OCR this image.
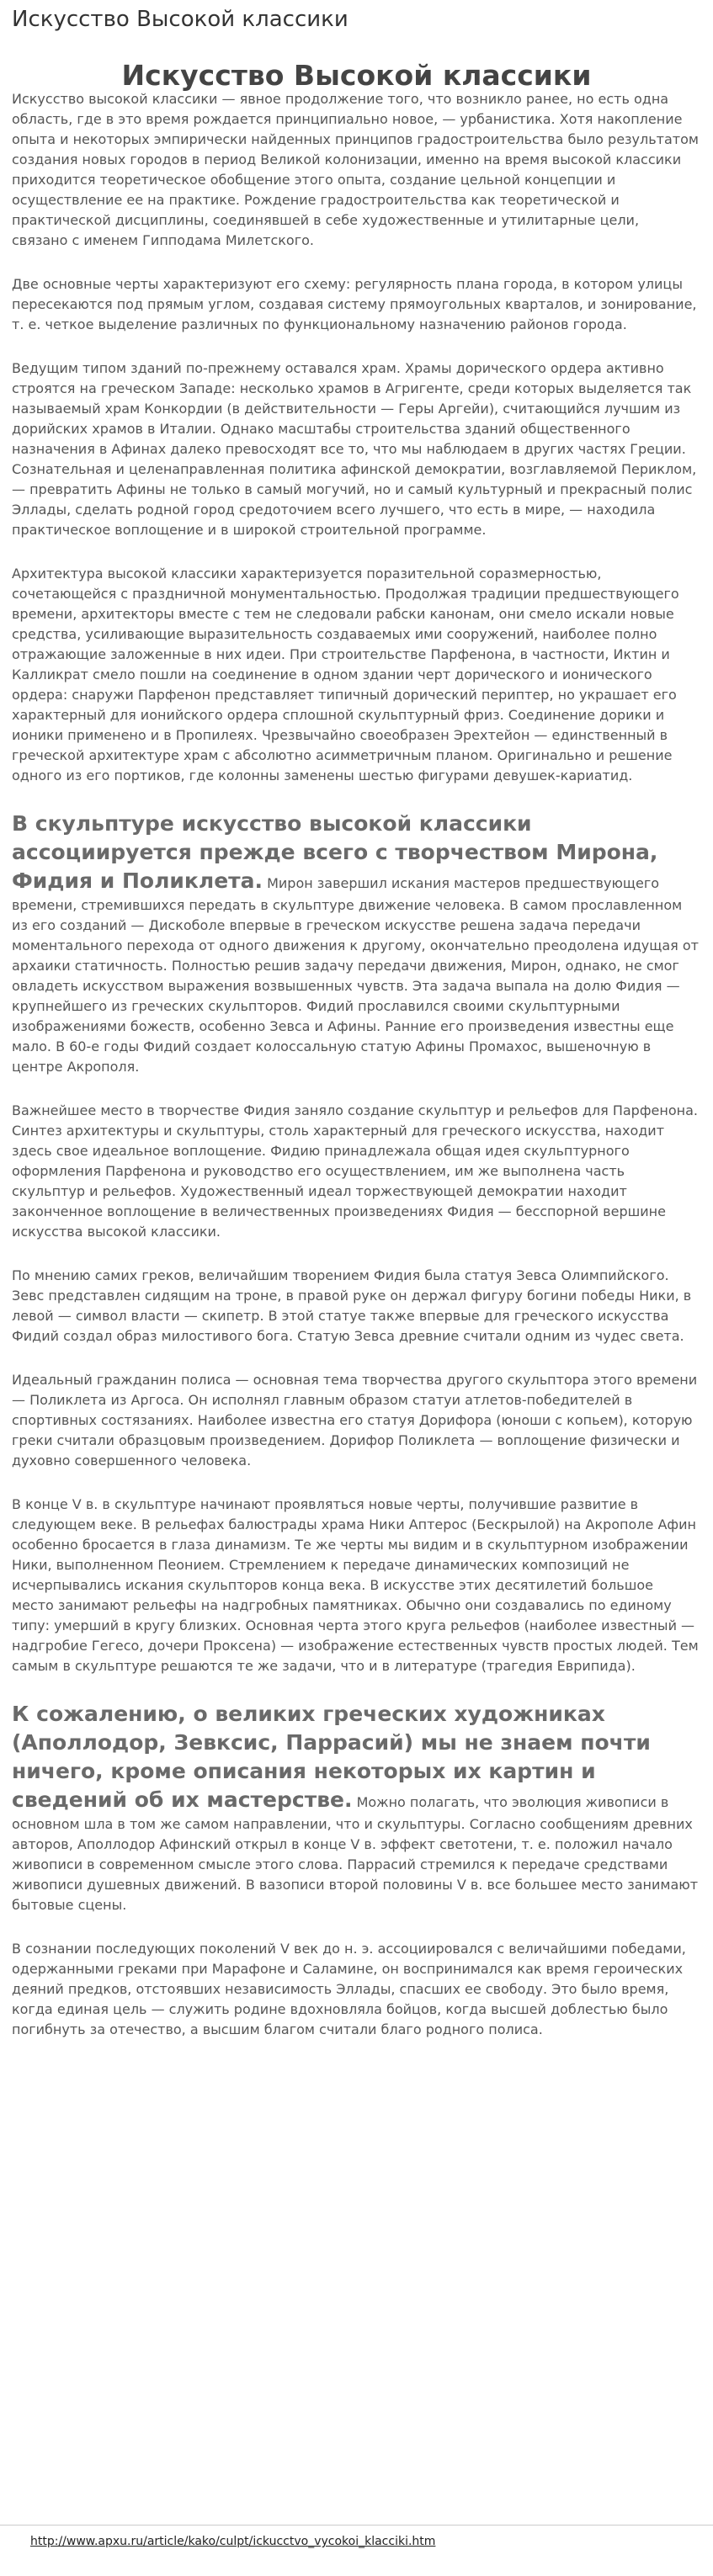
Искусство Высокой классики
Искусство Высокой классики

Искусство высокой классики — явное продолжение того, что возникло ранее, но есть одна область, где в это время рождается принципиально новое, — урбанистика. Хотя накопление опыта и некоторых эмпирически найденных принципов градостроительства было результатом создания новых городов в период Великой колонизации, именно на время высокой классики приходится теоретическое обобщение этого опыта, создание цельной концепции и осуществление ее на практике. Рождение градостроительства как теоретической и практической дисциплины, соединявшей в себе художественные и утилитарные цели, связано с именем Гипподама Милетского.

Две основные черты характеризуют его схему: регулярность плана города, в котором улицы пересекаются под прямым углом, создавая систему прямоугольных кварталов, и зонирование, т. е. четкое выделение различных по функциональному назначению районов города.

Ведущим типом зданий по-прежнему оставался храм. Храмы дорического ордера активно строятся на греческом Западе: несколько храмов в Агригенте, среди которых выделяется так называемый храм Конкордии (в действительности — Геры Аргейи), считающийся лучшим из дорийских храмов в Италии. Однако масштабы строительства зданий общественного назначения в Афинах далеко превосходят все то, что мы наблюдаем в других частях Греции. Сознательная и целенаправленная политика афинской демократии, возглавляемой Периклом, — превратить Афины не только в самый могучий, но и самый культурный и прекрасный полис Эллады, сделать родной город средоточием всего лучшего, что есть в мире, — находила практическое воплощение и в широкой строительной программе.

Архитектура высокой классики характеризуется поразительной соразмерностью, сочетающейся с праздничной монументальностью. Продолжая традиции предшествующего времени, архитекторы вместе с тем не следовали рабски канонам, они смело искали новые средства, усиливающие выразительность создаваемых ими сооружений, наиболее полно отражающие заложенные в них идеи. При строительстве Парфенона, в частности, Иктин и Калликрат смело пошли на соединение в одном здании черт дорического и ионического ордера: снаружи Парфенон представляет типичный дорический периптер, но украшает его характерный для ионийского ордера сплошной скульптурный фриз. Соединение дорики и ионики применено и в Пропилеях. Чрезвычайно своеобразен Эрехтейон — единственный в греческой архитектуре храм с абсолютно асимметричным планом. Оригинально и решение одного из его портиков, где колонны заменены шестью фигурами девушек-кариатид.

В скульптуре искусство высокой классики ассоциируется прежде всего с творчеством Мирона, Фидия и Поликлета. Мирон завершил искания мастеров предшествующего времени, стремившихся передать в скульптуре движение человека. В самом прославленном из его созданий — Дискоболе впервые в греческом искусстве решена задача передачи моментального перехода от одного движения к другому, окончательно преодолена идущая от архаики статичность. Полностью решив задачу передачи движения, Мирон, однако, не смог овладеть искусством выражения возвышенных чувств. Эта задача выпала на долю Фидия — крупнейшего из греческих скульпторов. Фидий прославился своими скульптурными изображениями божеств, особенно Зевса и Афины. Ранние его произведения известны еще мало. В 60-е годы Фидий создает колоссальную статую Афины Промахос, вышеночную в центре Акрополя.

Важнейшее место в творчестве Фидия заняло создание скульптур и рельефов для Парфенона. Синтез архитектуры и скульптуры, столь характерный для греческого искусства, находит здесь свое идеальное воплощение. Фидию принадлежала общая идея скульптурного оформления Парфенона и руководство его осуществлением, им же выполнена часть скульптур и рельефов. Художественный идеал торжествующей демократии находит законченное воплощение в величественных произведениях Фидия — бесспорной вершине искусства высокой классики.

По мнению самих греков, величайшим творением Фидия была статуя Зевса Олимпийского. Зевс представлен сидящим на троне, в правой руке он держал фигуру богини победы Ники, в левой — символ власти — скипетр. В этой статуе также впервые для греческого искусства Фидий создал образ милостивого бога. Статую Зевса древние считали одним из чудес света.

Идеальный гражданин полиса — основная тема творчества другого скульптора этого времени — Поликлета из Аргоса. Он исполнял главным образом статуи атлетов-победителей в спортивных состязаниях. Наиболее известна его статуя Дорифора (юноши с копьем), которую греки считали образцовым произведением. Дорифор Поликлета — воплощение физически и духовно совершенного человека.

В конце V в. в скульптуре начинают проявляться новые черты, получившие развитие в следующем веке. В рельефах балюстрады храма Ники Аптерос (Бескрылой) на Акрополе Афин особенно бросается в глаза динамизм. Те же черты мы видим и в скульптурном изображении Ники, выполненном Пеонием. Стремлением к передаче динамических композиций не исчерпывались искания скульпторов конца века. В искусстве этих десятилетий большое место занимают рельефы на надгробных памятниках. Обычно они создавались по единому типу: умерший в кругу близких. Основная черта этого круга рельефов (наиболее известный — надгробие Гегесо, дочери Проксена) — изображение естественных чувств простых людей. Тем самым в скульптуре решаются те же задачи, что и в литературе (трагедия Еврипида).

К сожалению, о великих греческих художниках (Аполлодор, Зевксис, Паррасий) мы не знаем почти ничего, кроме описания некоторых их картин и сведений об их мастерстве. Можно полагать, что эволюция живописи в основном шла в том же самом направлении, что и скульптуры. Согласно сообщениям древних авторов, Аполлодор Афинский открыл в конце V в. эффект светотени, т. е. положил начало живописи в современном смысле этого слова. Паррасий стремился к передаче средствами живописи душевных движений. В вазописи второй половины V в. все большее место занимают бытовые сцены.

В сознании последующих поколений V век до н. э. ассоциировался с величайшими победами, одержанными греками при Марафоне и Саламине, он воспринимался как время героических деяний предков, отстоявших независимость Эллады, спасших ее свободу. Это было время, когда единая цель — служить родине вдохновляла бойцов, когда высшей доблестью было погибнуть за отечество, а высшим благом считали благо родного полиса.

http://www.apxu.ru/article/kako/culpt/ickucctvo_vycokoi_klacciki.htm
